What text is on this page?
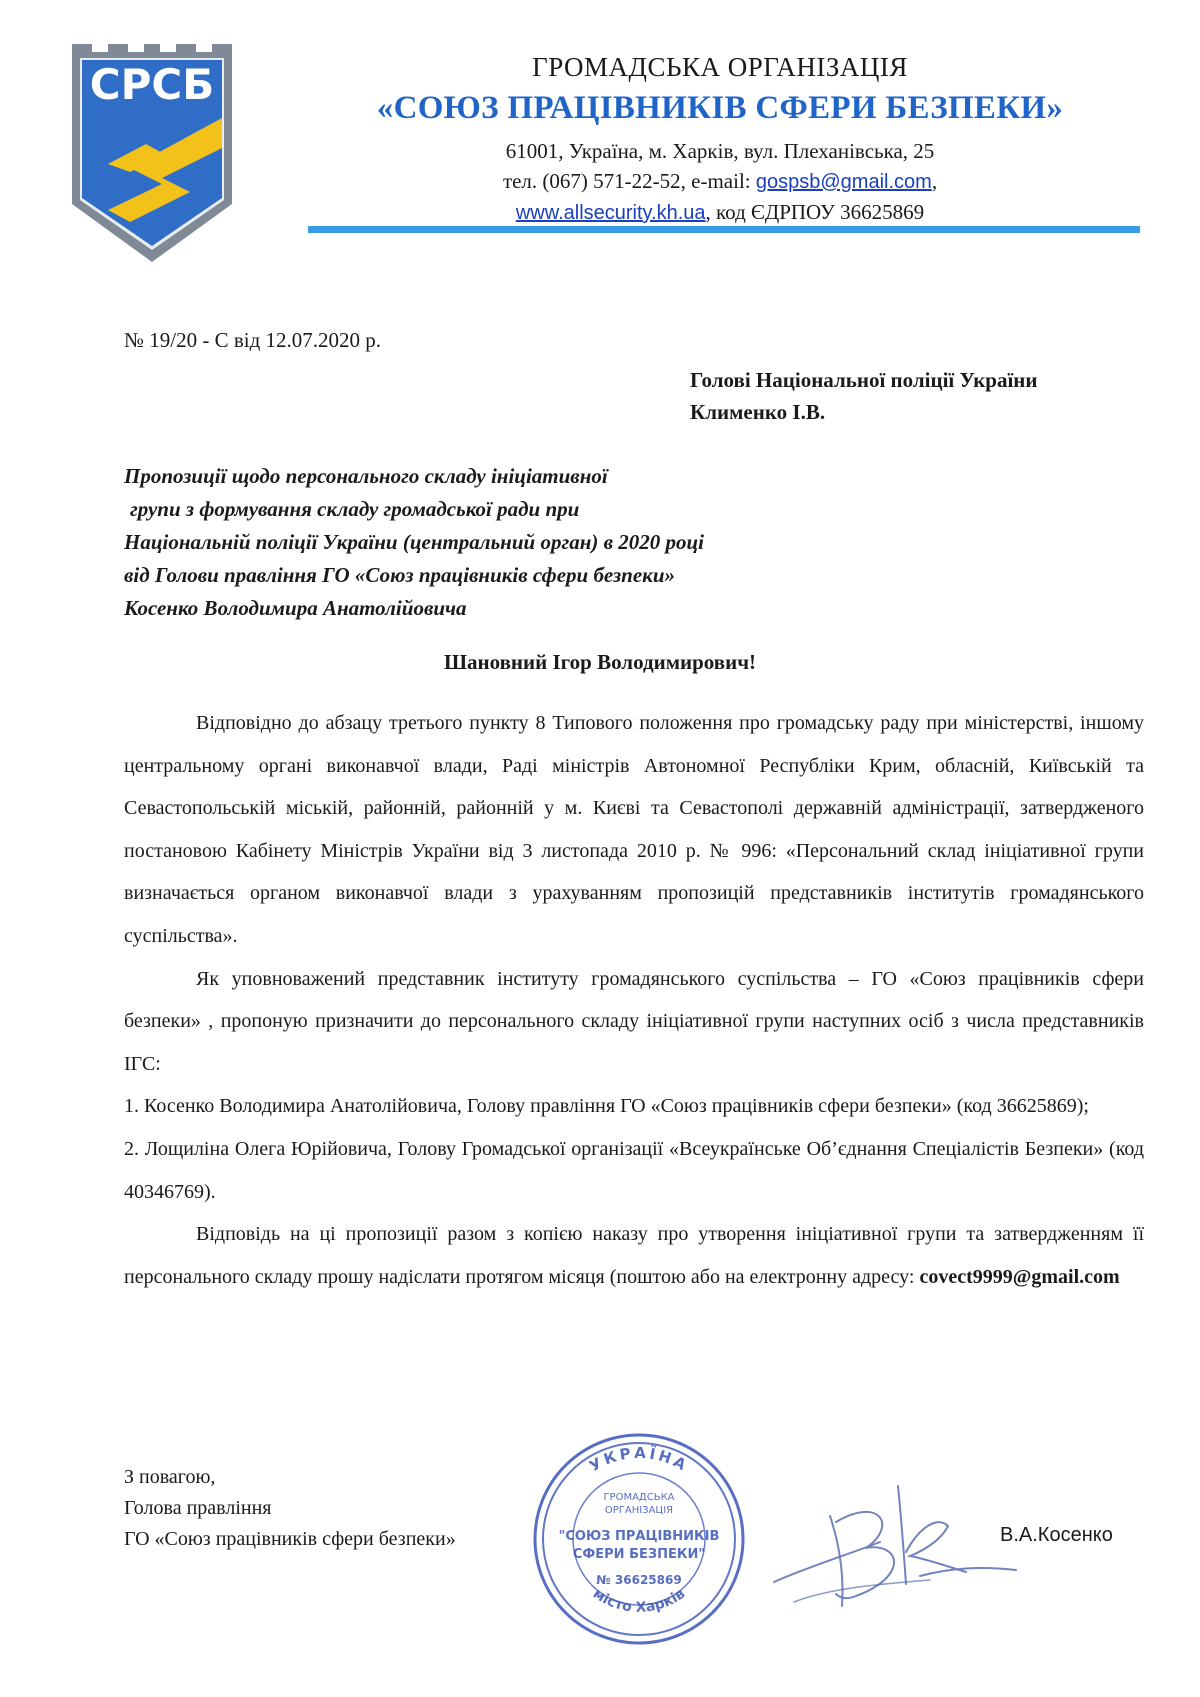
СРСБ	ГРОМАДСЬКА ОРГАНІЗАЦІЯ
«СОЮЗ ПРАЦІВНИКІВ СФЕРИ БЕЗПЕКИ»
61001, Україна, м. Харків, вул. Плеханівська, 25
тел. (067) 571-22-52, e-mail: gospsb@gmail.com,
www.allsecurity.kh.ua, код ЄДРПОУ 36625869
№ 19/20 - С від 12.07.2020 р.
Голові Національної поліції України
Клименко І.В.
Пропозиції щодо персонального складу ініціативної
групи з формування складу громадської ради при
Національній поліції України (центральний орган) в 2020 році
від Голови правління ГО «Союз працівників сфери безпеки»
Косенко Володимира Анатолійовича
Шановний Ігор Володимирович!

Відповідно до абзацу третього пункту 8 Типового положення про громадську раду при міністерстві, іншому центральному органі виконавчої влади, Раді міністрів Автономної Республіки Крим, обласній, Київській та Севастопольській міській, районній, районній у м. Києві та Севастополі державній адміністрації, затвердженого постановою Кабінету Міністрів України від 3 листопада 2010 р. № 996: «Персональний склад ініціативної групи визначається органом виконавчої влади з урахуванням пропозицій представників інститутів громадянського суспільства».

Як уповноважений представник інституту громадянського суспільства – ГО «Союз працівників сфери безпеки» , пропоную призначити до персонального складу ініціативної групи наступних осіб з числа представників ІГС:

1. Косенко Володимира Анатолійовича, Голову правління ГО «Союз працівників сфери безпеки» (код 36625869);

2. Лощиліна Олега Юрійовича, Голову Громадської організації «Всеукраїнське Об’єднання Спеціалістів Безпеки» (код 40346769).

Відповідь на ці пропозиції разом з копією наказу про утворення ініціативної групи та затвердженням її персонального складу прошу надіслати протягом місяця (поштою або на електронну адресу: covect9999@gmail.com

З повагою,
Голова правління
ГО «Союз працівників сфери безпеки»	В.А.Косенко
УКРАЇНА
місто Харків
ГРОМАДСЬКА
ОРГАНІЗАЦІЯ
"СОЮЗ ПРАЦІВНИКІВ
СФЕРИ БЕЗПЕКИ"
№ 36625869
